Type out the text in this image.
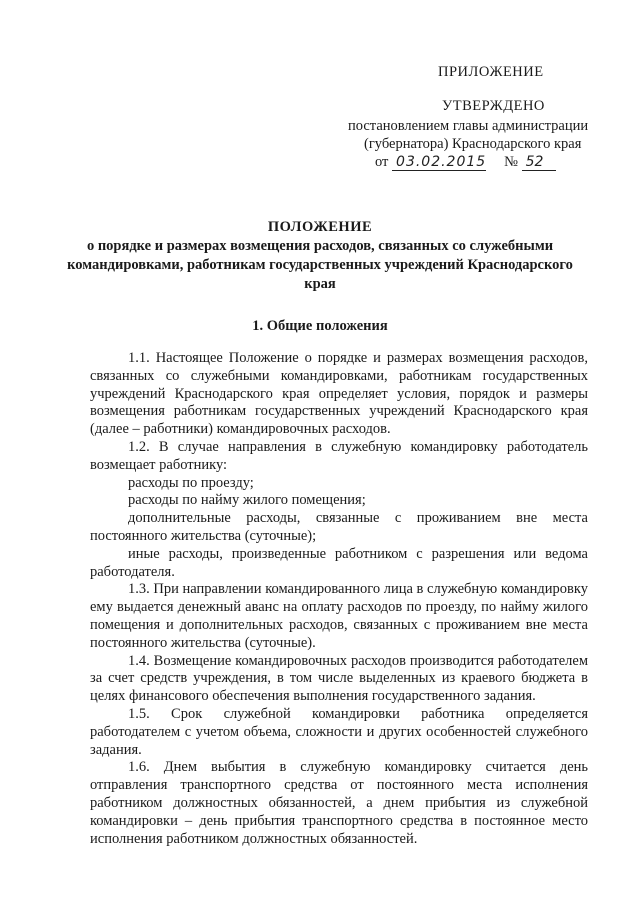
ПРИЛОЖЕНИЕ
УТВЕРЖДЕНО
постановлением главы администрации
(губернатора) Краснодарского края
от 03.02.2015 № 52
ПОЛОЖЕНИЕ
о порядке и размерах возмещения расходов, связанных со служебными командировками, работникам государственных учреждений Краснодарского края
1. Общие положения

1.1. Настоящее Положение о порядке и размерах возмещения расходов, связанных со служебными командировками, работникам государственных учреждений Краснодарского края определяет условия, порядок и размеры возмещения работникам государственных учреждений Краснодарского края (далее – работники) командировочных расходов.

1.2. В случае направления в служебную командировку работодатель возмещает работнику:

расходы по проезду;

расходы по найму жилого помещения;

дополнительные расходы, связанные с проживанием вне места постоянного жительства (суточные);

иные расходы, произведенные работником с разрешения или ведома работодателя.

1.3. При направлении командированного лица в служебную командировку ему выдается денежный аванс на оплату расходов по проезду, по найму жилого помещения и дополнительных расходов, связанных с проживанием вне места постоянного жительства (суточные).

1.4. Возмещение командировочных расходов производится работодателем за счет средств учреждения, в том числе выделенных из краевого бюджета в целях финансового обеспечения выполнения государственного задания.

1.5. Срок служебной командировки работника определяется работодателем с учетом объема, сложности и других особенностей служебного задания.

1.6. Днем выбытия в служебную командировку считается день отправления транспортного средства от постоянного места исполнения работником должностных обязанностей, а днем прибытия из служебной командировки – день прибытия транспортного средства в постоянное место исполнения работником должностных обязанностей.
